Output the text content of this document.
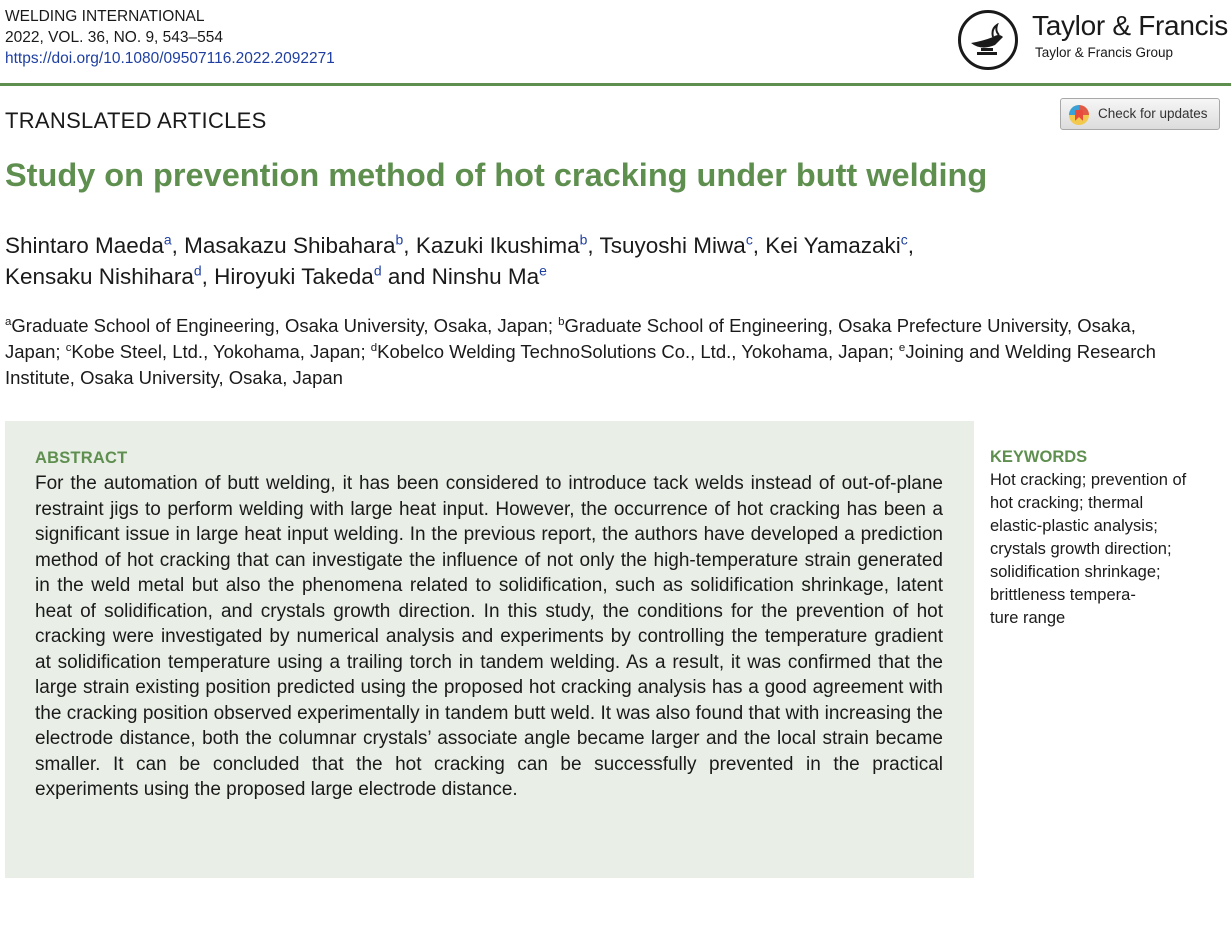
WELDING INTERNATIONAL
2022, VOL. 36, NO. 9, 543–554
https://doi.org/10.1080/09507116.2022.2092271
Taylor & Francis
Taylor & Francis Group
TRANSLATED ARTICLES	Check for updates
Study on prevention method of hot cracking under butt welding
Shintaro Maeda$^a$, Masakazu Shibahara$^b$, Kazuki Ikushima$^b$, Tsuyoshi Miwa$^c$, Kei Yamazaki$^c$,
Kensaku Nishihara$^d$, Hiroyuki Takeda$^d$ and Ninshu Ma$^e$
$^a$Graduate School of Engineering, Osaka University, Osaka, Japan; $^b$Graduate School of Engineering, Osaka Prefecture University, Osaka, Japan; $^c$Kobe Steel, Ltd., Yokohama, Japan; $^d$Kobelco Welding TechnoSolutions Co., Ltd., Yokohama, Japan; $^e$Joining and Welding Research Institute, Osaka University, Osaka, Japan
ABSTRACT

For the automation of butt welding, it has been considered to introduce tack welds instead of out-of-plane restraint jigs to perform welding with large heat input. However, the occurrence of hot cracking has been a significant issue in large heat input welding. In the previous report, the authors have developed a prediction method of hot cracking that can investigate the influence of not only the high-temperature strain generated in the weld metal but also the phenomena related to solidification, such as solidification shrinkage, latent heat of solidification, and crystals growth direction. In this study, the conditions for the prevention of hot cracking were investigated by numerical analysis and experiments by controlling the temperature gradient at solidification temperature using a trailing torch in tandem welding. As a result, it was confirmed that the large strain existing position predicted using the proposed hot cracking analysis has a good agreement with the cracking position observed experimentally in tandem butt weld. It was also found that with increasing the electrode distance, both the columnar crystals’ associate angle became larger and the local strain became smaller. It can be concluded that the hot cracking can be successfully prevented in the practical experiments using the proposed large electrode distance.

KEYWORDS
Hot cracking; prevention of
hot cracking; thermal
elastic-plastic analysis;
crystals growth direction;
solidification shrinkage;
brittleness tempera-
ture range
